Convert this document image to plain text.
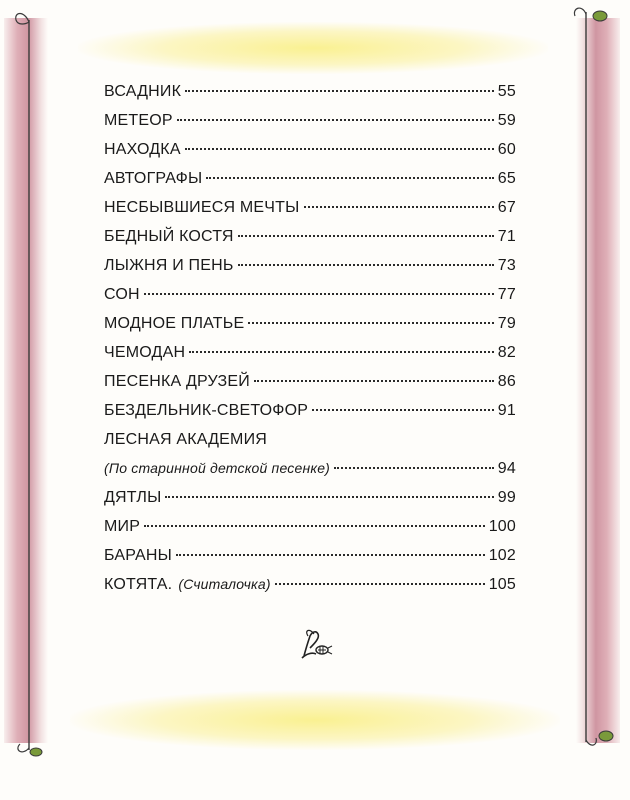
ВСАДНИК	55
МЕТЕОР	59
НАХОДКА	60
АВТОГРАФЫ	65
НЕСБЫВШИЕСЯ МЕЧТЫ	67
БЕДНЫЙ КОСТЯ	71
ЛЫЖНЯ И ПЕНЬ	73
СОН	77
МОДНОЕ ПЛАТЬЕ	79
ЧЕМОДАН	82
ПЕСЕНКА ДРУЗЕЙ	86
БЕЗДЕЛЬНИК-СВЕТОФОР	91
ЛЕСНАЯ АКАДЕМИЯ
(По старинной детской песенке)	94
ДЯТЛЫ	99
МИР	100
БАРАНЫ	102
КОТЯТА. (Считалочка)	105
